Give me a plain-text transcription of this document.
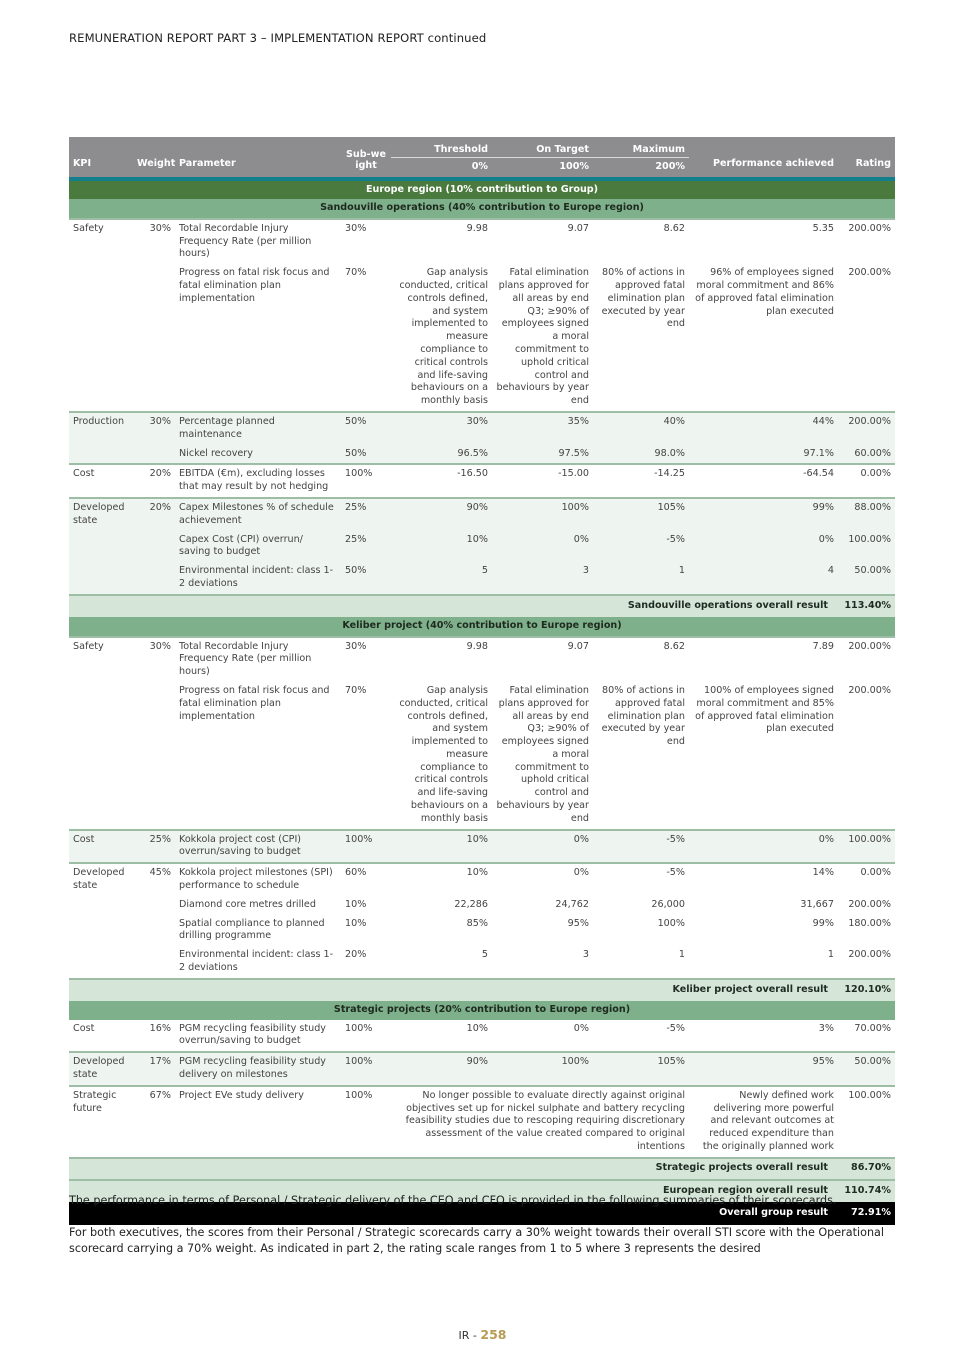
REMUNERATION REPORT PART 3 – IMPLEMENTATION REPORT continued
KPI	Weight	Parameter	Sub-weight	Threshold	On Target	Maximum	Performance achieved	Rating
				0%	100%	200%		

Europe region (10% contribution to Group)								
Sandouville operations (40% contribution to Europe region)								
Safety	30%	Total Recordable Injury Frequency Rate (per million hours)	30%	9.98	9.07	8.62	5.35	200.00%
		Progress on fatal risk focus and fatal elimination plan implementation	70%	Gap analysis conducted, critical controls defined, and system implemented to measure compliance to critical controls and life-saving behaviours on a monthly basis	Fatal elimination plans approved for all areas by end Q3; ≥90% of employees signed a moral commitment to uphold critical control and behaviours by year end	80% of actions in approved fatal elimination plan executed by year end	96% of employees signed moral commitment and 86% of approved fatal elimination plan executed	200.00%
Production	30%	Percentage planned maintenance	50%	30%	35%	40%	44%	200.00%
		Nickel recovery	50%	96.5%	97.5%	98.0%	97.1%	60.00%
Cost	20%	EBITDA (€m), excluding losses that may result by not hedging	100%	-16.50	-15.00	-14.25	-64.54	0.00%
Developed state	20%	Capex Milestones % of schedule achievement	25%	90%	100%	105%	99%	88.00%
		Capex Cost (CPI) overrun/ saving to budget	25%	10%	0%	-5%	0%	100.00%
		Environmental incident: class 1-2 deviations	50%	5	3	1	4	50.00%
Sandouville operations overall result								113.40%
Keliber project (40% contribution to Europe region)								
Safety	30%	Total Recordable Injury Frequency Rate (per million hours)	30%	9.98	9.07	8.62	7.89	200.00%
		Progress on fatal risk focus and fatal elimination plan implementation	70%	Gap analysis conducted, critical controls defined, and system implemented to measure compliance to critical controls and life-saving behaviours on a monthly basis	Fatal elimination plans approved for all areas by end Q3; ≥90% of employees signed a moral commitment to uphold critical control and behaviours by year end	80% of actions in approved fatal elimination plan executed by year end	100% of employees signed moral commitment and 85% of approved fatal elimination plan executed	200.00%
Cost	25%	Kokkola project cost (CPI) overrun/saving to budget	100%	10%	0%	-5%	0%	100.00%
Developed state	45%	Kokkola project milestones (SPI) performance to schedule	60%	10%	0%	-5%	14%	0.00%
		Diamond core metres drilled	10%	22,286	24,762	26,000	31,667	200.00%
		Spatial compliance to planned drilling programme	10%	85%	95%	100%	99%	180.00%
		Environmental incident: class 1-2 deviations	20%	5	3	1	1	200.00%
Keliber project overall result								120.10%
Strategic projects (20% contribution to Europe region)								
Cost	16%	PGM recycling feasibility study overrun/saving to budget	100%	10%	0%	-5%	3%	70.00%
Developed state	17%	PGM recycling feasibility study delivery on milestones	100%	90%	100%	105%	95%	50.00%
Strategic future	67%	Project EVe study delivery	100%	No longer possible to evaluate directly against original objectives set up for nickel sulphate and battery recycling feasibility studies due to rescoping requiring discretionary assessment of the value created compared to original intentions			Newly defined work delivering more powerful and relevant outcomes at reduced expenditure than the originally planned work	100.00%
Strategic projects overall result								86.70%
European region overall result								110.74%
Overall group result								72.91%
The performance in terms of Personal / Strategic delivery of the CEO and CFO is provided in the following summaries of their scorecards.
For both executives, the scores from their Personal / Strategic scorecards carry a 30% weight towards their overall STI score with the Operational scorecard carrying a 70% weight. As indicated in part 2, the rating scale ranges from 1 to 5 where 3 represents the desired
IR - 258
